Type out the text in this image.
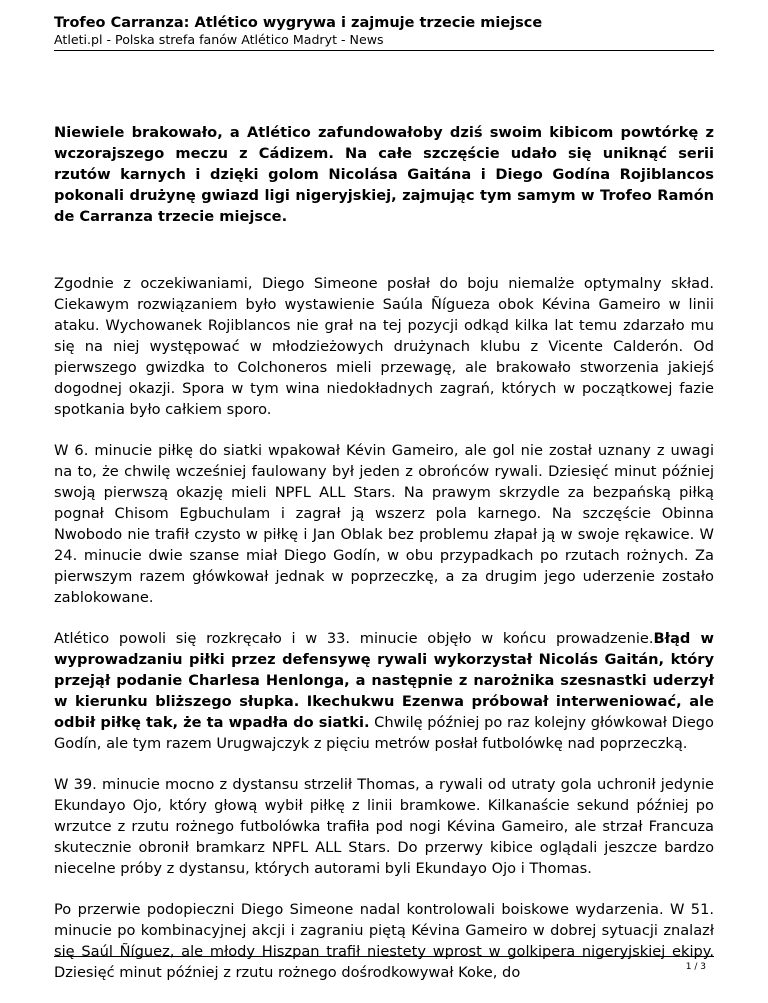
Trofeo Carranza: Atlético wygrywa i zajmuje trzecie miejsce

Atleti.pl - Polska strefa fanów Atlético Madryt - News

Niewiele brakowało, a Atlético zafundowałoby dziś swoim kibicom powtórkę z wczorajszego meczu z Cádizem. Na całe szczęście udało się uniknąć serii rzutów karnych i dzięki golom Nicolása Gaitána i Diego Godína Rojiblancos pokonali drużynę gwiazd ligi nigeryjskiej, zajmując tym samym w Trofeo Ramón de Carranza trzecie miejsce.

Zgodnie z oczekiwaniami, Diego Simeone posłał do boju niemalże optymalny skład. Ciekawym rozwiązaniem było wystawienie Saúla Ñígueza obok Kévina Gameiro w linii ataku. Wychowanek Rojiblancos nie grał na tej pozycji odkąd kilka lat temu zdarzało mu się na niej występować w młodzieżowych drużynach klubu z Vicente Calderón. Od pierwszego gwizdka to Colchoneros mieli przewagę, ale brakowało stworzenia jakiejś dogodnej okazji. Spora w tym wina niedokładnych zagrań, których w początkowej fazie spotkania było całkiem sporo.

W 6. minucie piłkę do siatki wpakował Kévin Gameiro, ale gol nie został uznany z uwagi na to, że chwilę wcześniej faulowany był jeden z obrońców rywali. Dziesięć minut później swoją pierwszą okazję mieli NPFL ALL Stars. Na prawym skrzydle za bezpańską piłką pognał Chisom Egbuchulam i zagrał ją wszerz pola karnego. Na szczęście Obinna Nwobodo nie trafił czysto w piłkę i Jan Oblak bez problemu złapał ją w swoje rękawice. W 24. minucie dwie szanse miał Diego Godín, w obu przypadkach po rzutach rożnych. Za pierwszym razem główkował jednak w poprzeczkę, a za drugim jego uderzenie zostało zablokowane.

Atlético powoli się rozkręcało i w 33. minucie objęło w końcu prowadzenie.Błąd w wyprowadzaniu piłki przez defensywę rywali wykorzystał Nicolás Gaitán, który przejął podanie Charlesa Henlonga, a następnie z narożnika szesnastki uderzył w kierunku bliższego słupka. Ikechukwu Ezenwa próbował interweniować, ale odbił piłkę tak, że ta wpadła do siatki. Chwilę później po raz kolejny główkował Diego Godín, ale tym razem Urugwajczyk z pięciu metrów posłał futbolówkę nad poprzeczką.

W 39. minucie mocno z dystansu strzelił Thomas, a rywali od utraty gola uchronił jedynie Ekundayo Ojo, który głową wybił piłkę z linii bramkowe. Kilkanaście sekund później po wrzutce z rzutu rożnego futbolówka trafiła pod nogi Kévina Gameiro, ale strzał Francuza skutecznie obronił bramkarz NPFL ALL Stars. Do przerwy kibice oglądali jeszcze bardzo niecelne próby z dystansu, których autorami byli Ekundayo Ojo i Thomas.

Po przerwie podopieczni Diego Simeone nadal kontrolowali boiskowe wydarzenia. W 51. minucie po kombinacyjnej akcji i zagraniu piętą Kévina Gameiro w dobrej sytuacji znalazł się Saúl Ñíguez, ale młody Hiszpan trafił niestety wprost w golkipera nigeryjskiej ekipy. Dziesięć minut później z rzutu rożnego dośrodkowywał Koke, do	1 / 3
